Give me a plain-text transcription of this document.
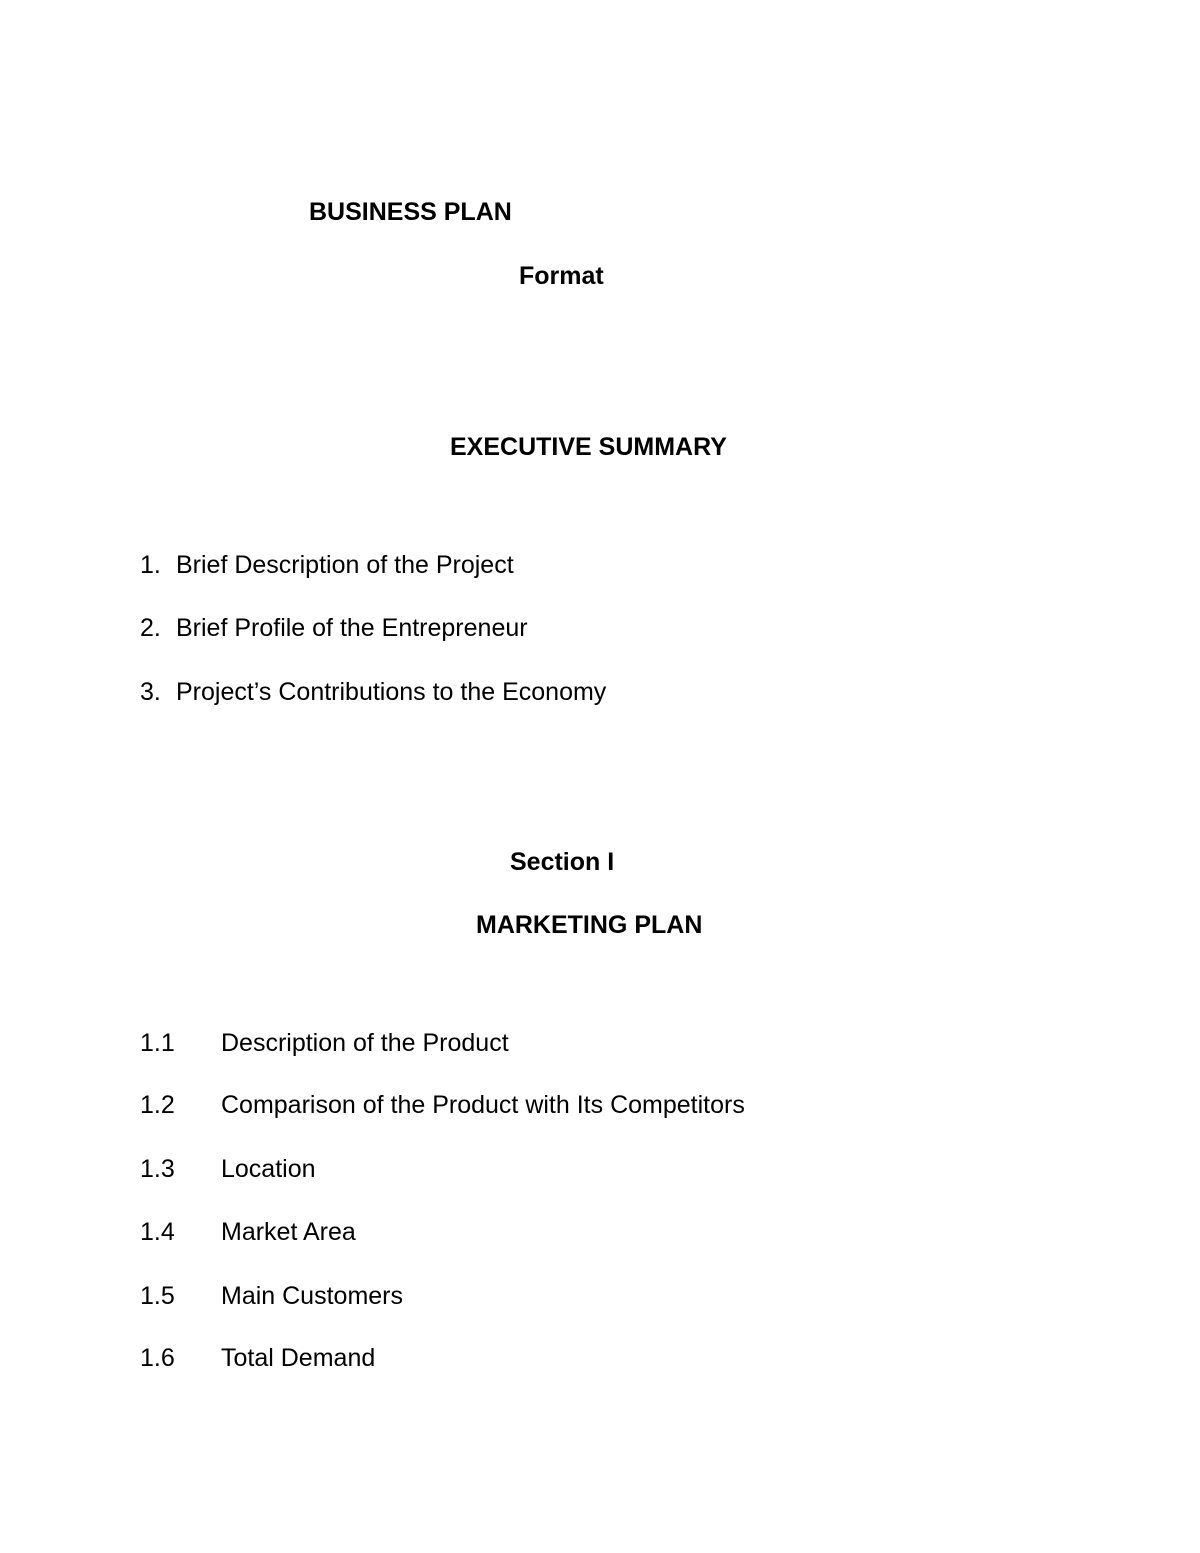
BUSINESS PLAN
Format
EXECUTIVE SUMMARY
1. Brief Description of the Project
2. Brief Profile of the Entrepreneur
3. Project’s Contributions to the Economy
Section I
MARKETING PLAN
1.1 Description of the Product
1.2 Comparison of the Product with Its Competitors
1.3 Location
1.4 Market Area
1.5 Main Customers
1.6 Total Demand
